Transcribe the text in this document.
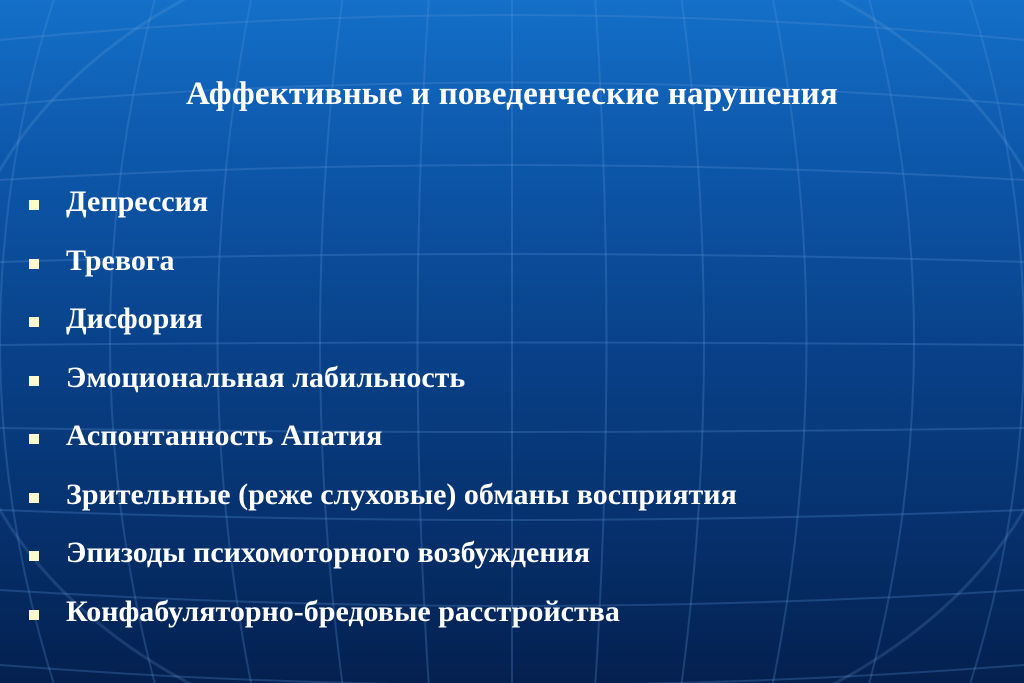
Аффективные и поведенческие нарушения
Депрессия
Тревога
Дисфория
Эмоциональная лабильность
Аспонтанность Апатия
Зрительные (реже слуховые) обманы восприятия
Эпизоды психомоторного возбуждения
Конфабуляторно-бредовые расстройства
